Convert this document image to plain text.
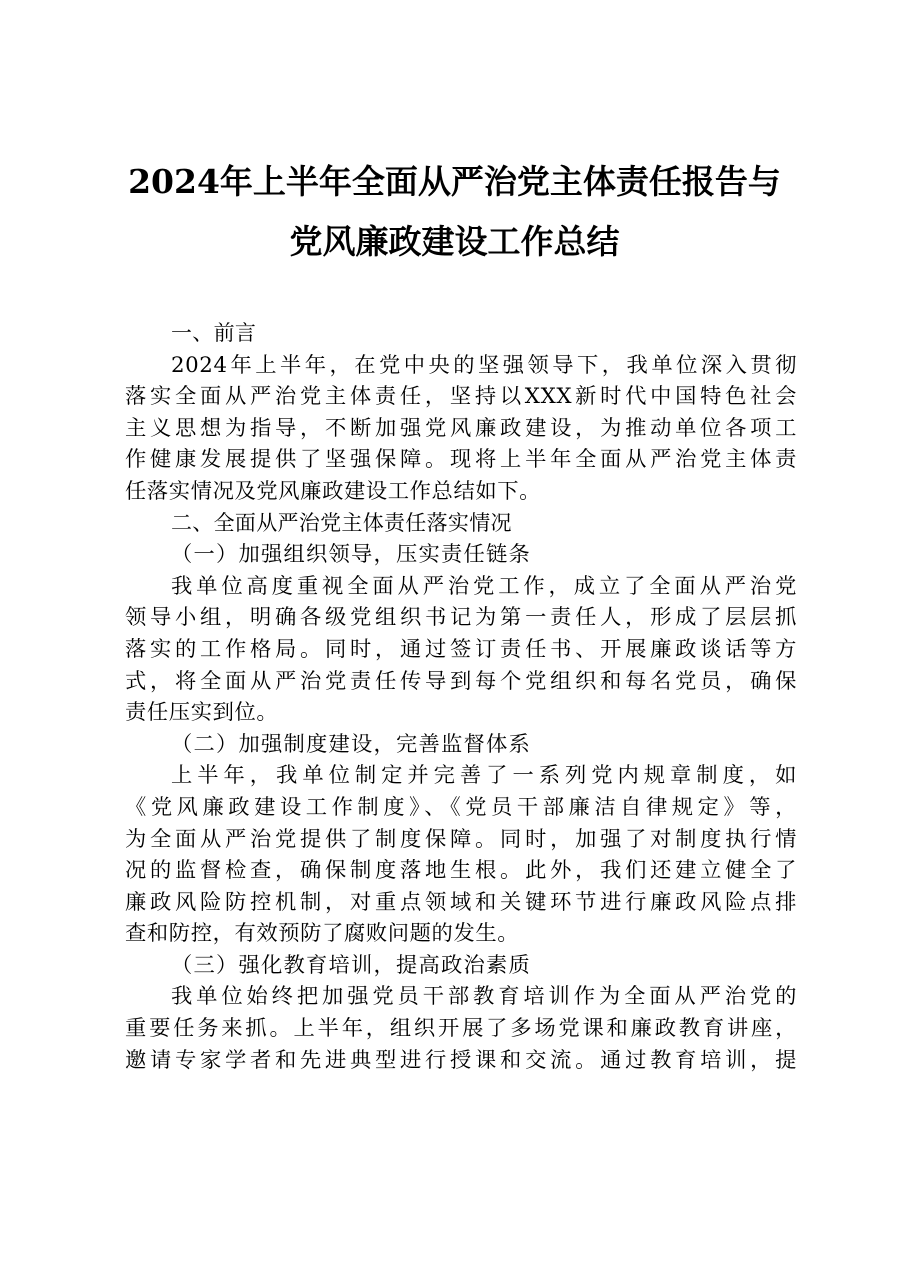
2024年上半年全面从严治党主体责任报告与
党风廉政建设工作总结
一、前言
2024年上半年，在党中央的坚强领导下，我单位深入贯彻
落实全面从严治党主体责任，坚持以XXX新时代中国特色社会
主义思想为指导，不断加强党风廉政建设，为推动单位各项工
作健康发展提供了坚强保障。现将上半年全面从严治党主体责
任落实情况及党风廉政建设工作总结如下。
二、全面从严治党主体责任落实情况
（一）加强组织领导，压实责任链条
我单位高度重视全面从严治党工作，成立了全面从严治党
领导小组，明确各级党组织书记为第一责任人，形成了层层抓
落实的工作格局。同时，通过签订责任书、开展廉政谈话等方
式，将全面从严治党责任传导到每个党组织和每名党员，确保
责任压实到位。
（二）加强制度建设，完善监督体系
上半年，我单位制定并完善了一系列党内规章制度，如
《党风廉政建设工作制度》、《党员干部廉洁自律规定》等，
为全面从严治党提供了制度保障。同时，加强了对制度执行情
况的监督检查，确保制度落地生根。此外，我们还建立健全了
廉政风险防控机制，对重点领域和关键环节进行廉政风险点排
查和防控，有效预防了腐败问题的发生。
（三）强化教育培训，提高政治素质
我单位始终把加强党员干部教育培训作为全面从严治党的
重要任务来抓。上半年，组织开展了多场党课和廉政教育讲座，
邀请专家学者和先进典型进行授课和交流。通过教育培训，提
